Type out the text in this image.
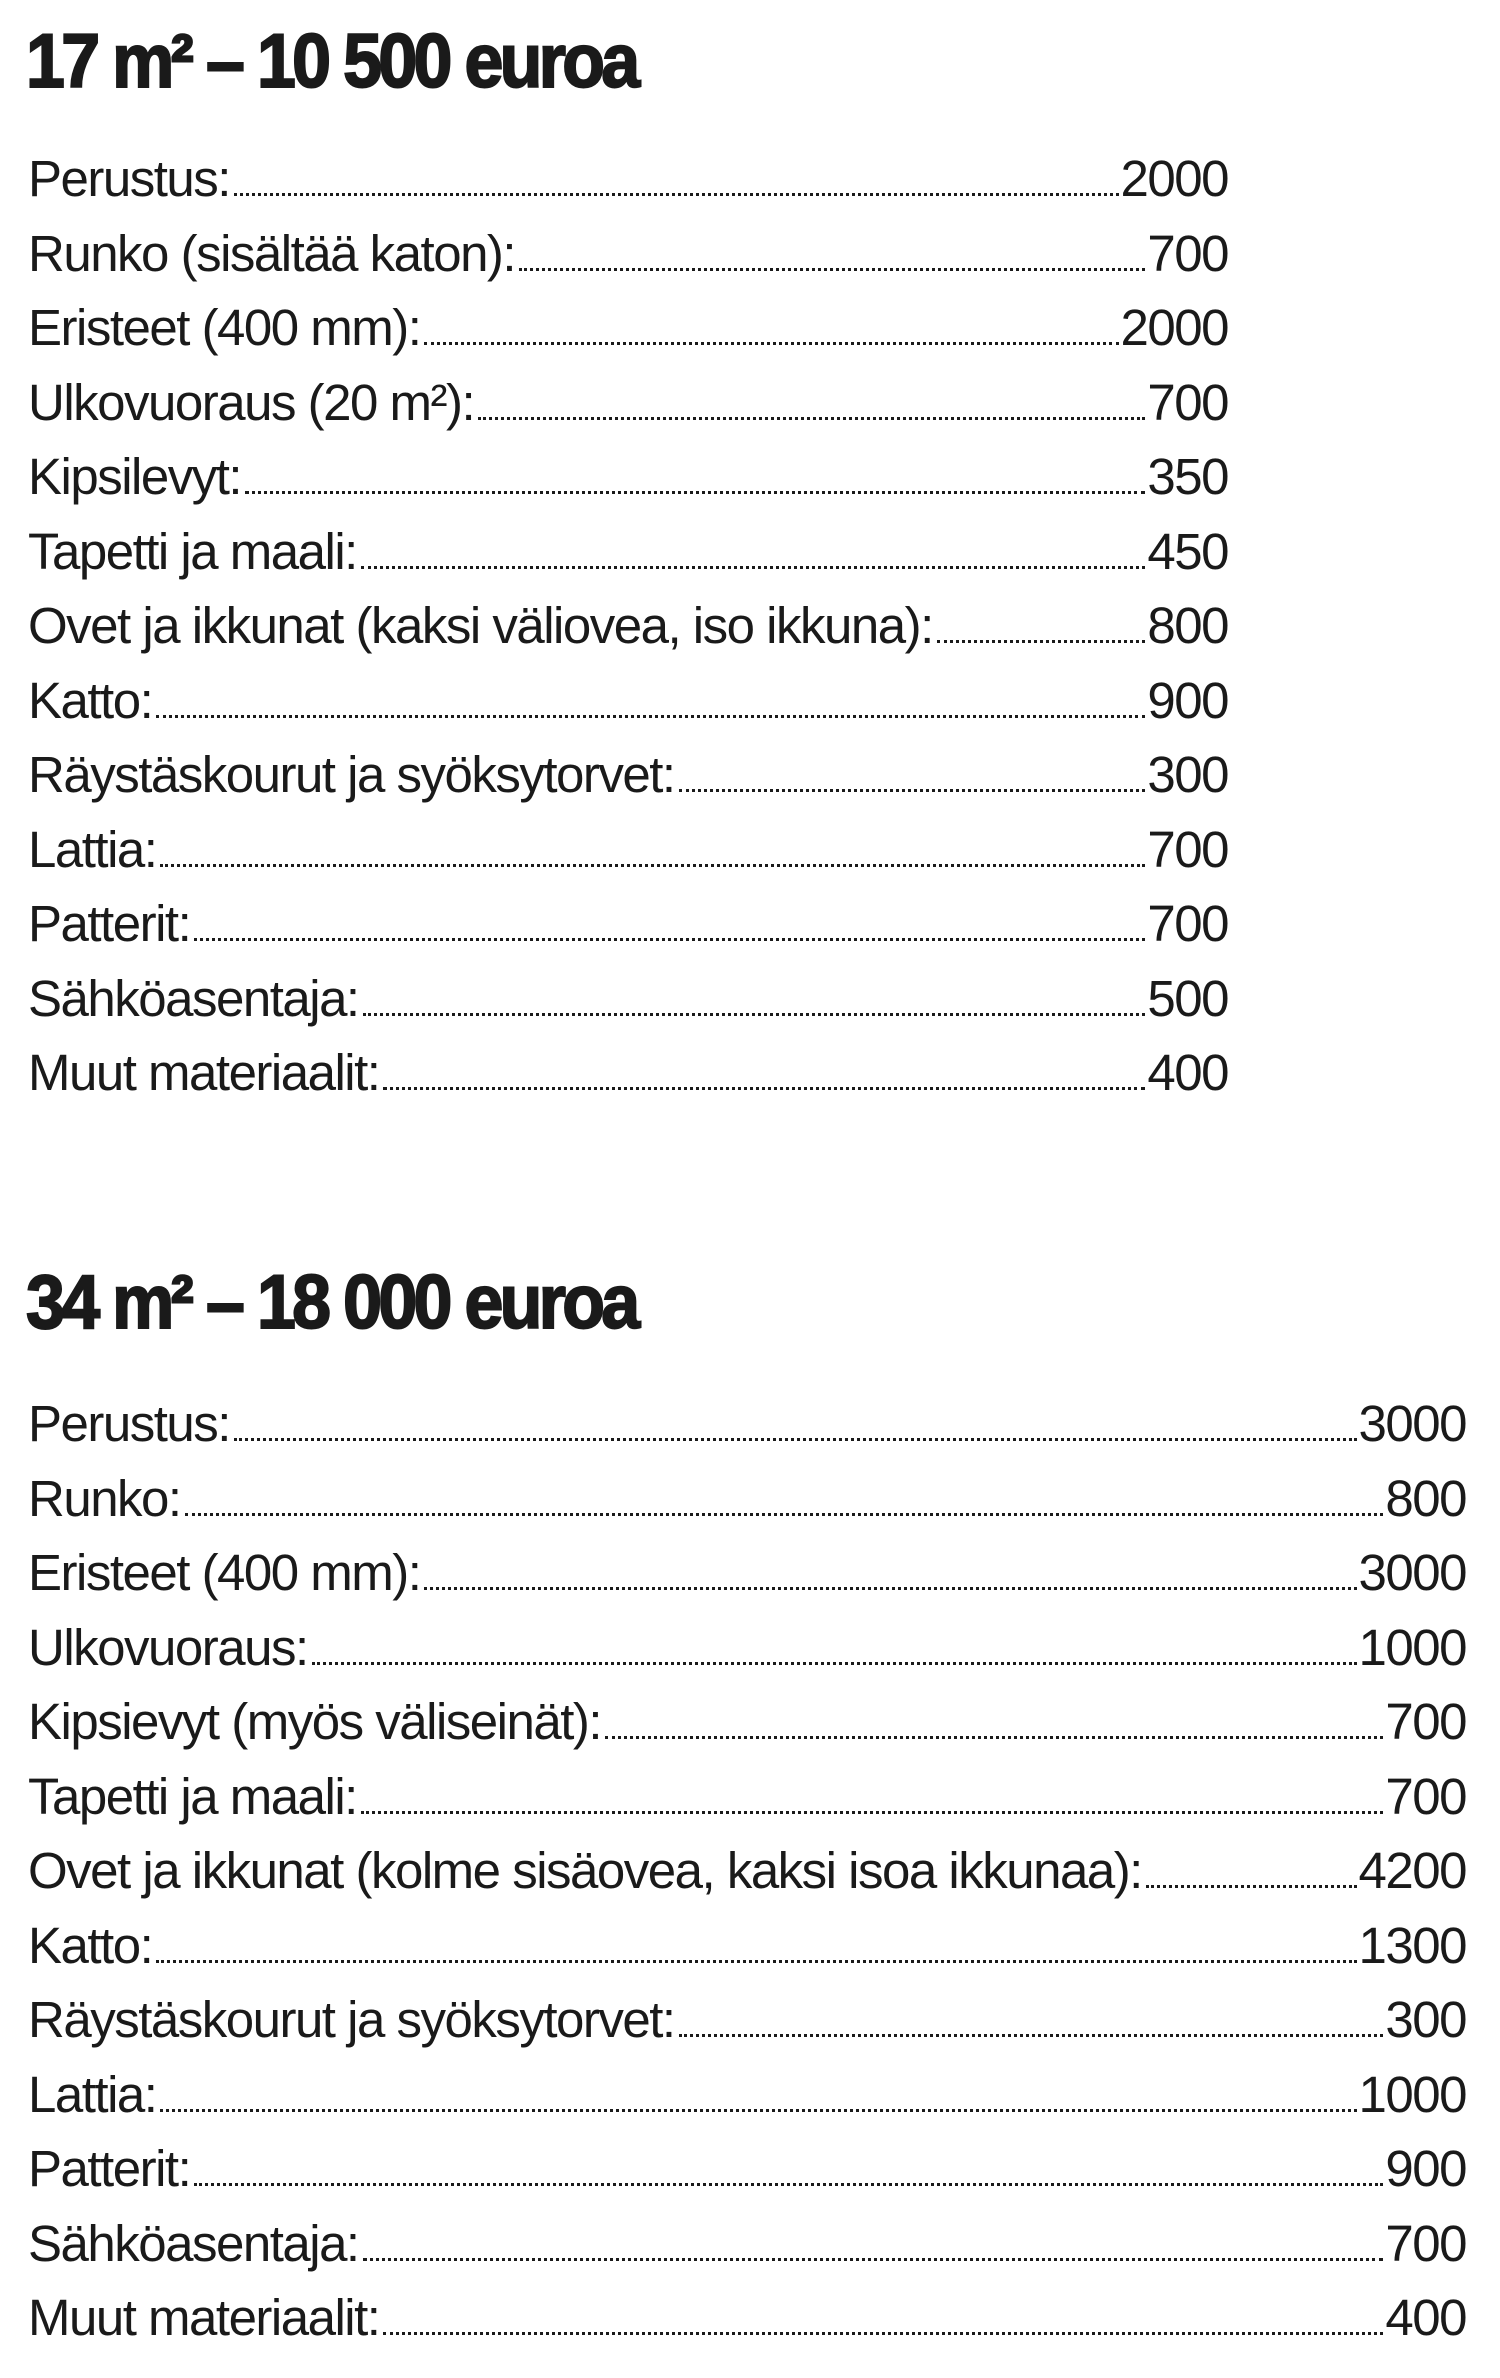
17 m² – 10 500 euroa
Perustus:	2000
Runko (sisältää katon):	700
Eristeet (400 mm):	2000
Ulkovuoraus (20 m²):	700
Kipsilevyt:	350
Tapetti ja maali:	450
Ovet ja ikkunat (kaksi väliovea, iso ikkuna):	800
Katto:	900
Räystäskourut ja syöksytorvet:	300
Lattia:	700
Patterit:	700
Sähköasentaja:	500
Muut materiaalit:	400
34 m² – 18 000 euroa
Perustus:	3000
Runko:	800
Eristeet (400 mm):	3000
Ulkovuoraus:	1000
Kipsievyt (myös väliseinät):	700
Tapetti ja maali:	700
Ovet ja ikkunat (kolme sisäovea, kaksi isoa ikkunaa):	4200
Katto:	1300
Räystäskourut ja syöksytorvet:	300
Lattia:	1000
Patterit:	900
Sähköasentaja:	700
Muut materiaalit:	400
